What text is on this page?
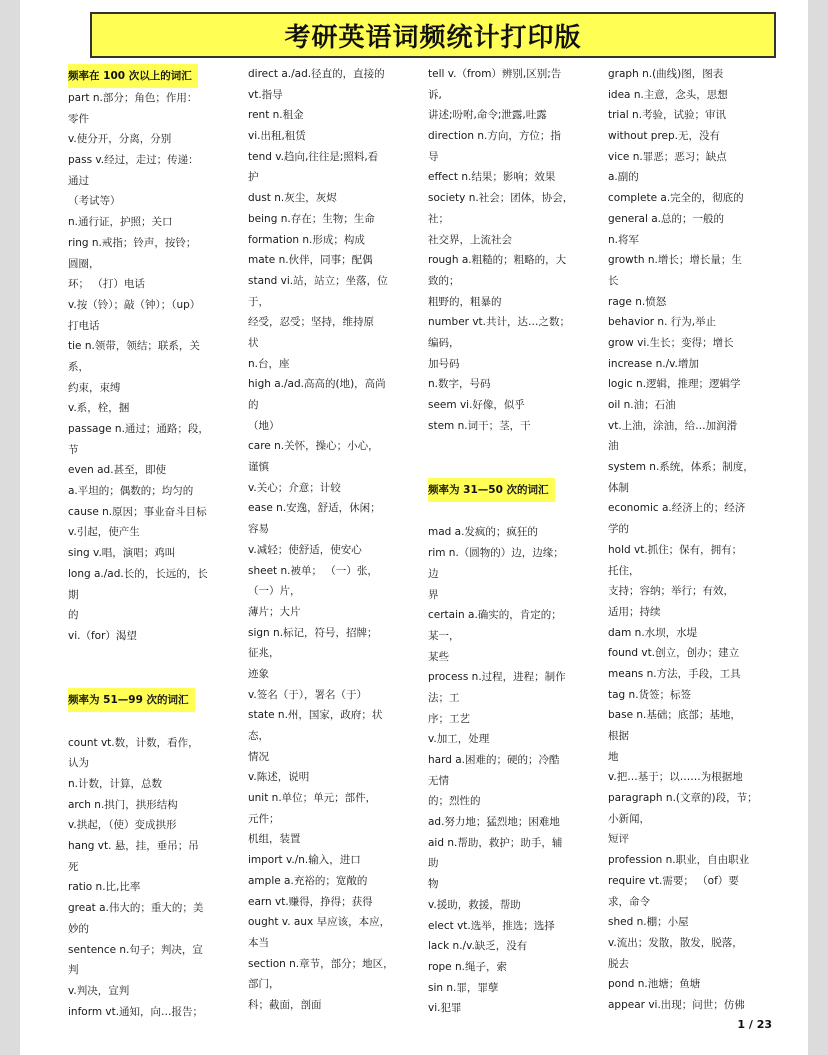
考研英语词频统计打印版
频率在 100 次以上的词汇
part n.部分；角色；作用：
零件
v.使分开，分离，分别
pass v.经过，走过；传递：
通过
（考试等）
n.通行证，护照；关口
ring n.戒指；铃声，按铃；
圆圈，
环； （打）电话
v.按（铃）；敲（钟）；（up）
打电话
tie n.领带，领结；联系，关
系，
约束，束缚
v.系，栓，捆
passage n.通过；通路；段，
节
even ad.甚至，即使
a.平坦的；偶数的；均匀的
cause n.原因；事业奋斗目标
v.引起，使产生
sing v.唱，演唱；鸡叫
long a./ad.长的，长远的，长
期
的
vi.（for）渴望
频率为 51—99 次的词汇
count vt.数，计数，看作，
认为
n.计数，计算，总数
arch n.拱门，拱形结构
v.拱起，（使）变成拱形
hang vt. 悬，挂，垂吊；吊
死
ratio n.比,比率
great a.伟大的；重大的；美
妙的
sentence n.句子；判决，宣
判
v.判决，宣判
inform vt.通知，向…报告；
direct a./ad.径直的，直接的
vt.指导
rent n.租金
vi.出租,租赁
tend v.趋向,往往是;照料,看
护
dust n.灰尘，灰烬
being n.存在；生物；生命
formation n.形成；构成
mate n.伙伴，同事；配偶
stand vi.站，站立；坐落，位
于，
经受，忍受；坚持，维持原
状
n.台，座
high a./ad.高高的(地)，高尚
的
（地）
care n.关怀，操心；小心，
谨慎
v.关心；介意；计较
ease n.安逸，舒适，休闲；
容易
v.减轻；使舒适，使安心
sheet n.被单； （一）张，
（一）片，
薄片；大片
sign n.标记，符号，招牌；
征兆，
迹象
v.签名（于），署名（于）
state n.州，国家，政府；状
态，
情况
v.陈述，说明
unit n.单位；单元；部件，
元件；
机组，装置
import v./n.输入，进口
ample a.充裕的；宽敞的
earn vt.赚得，挣得；获得
ought v. aux 早应该，本应，
本当
section n.章节，部分；地区，
部门，
科；截面，剖面
tell v.（from）辨别,区别;告
诉,
讲述;吩咐,命令;泄露,吐露
direction n.方向，方位；指
导
effect n.结果；影响；效果
society n.社会；团体，协会，
社；
社交界，上流社会
rough a.粗糙的；粗略的，大
致的；
粗野的，粗暴的
number vt.共计，达…之数；
编码，
加号码
n.数字，号码
seem vi.好像，似乎
stem n.词干；茎，干
频率为 31—50 次的词汇
mad a.发疯的；疯狂的
rim n.（圆物的）边，边缘；
边
界
certain a.确实的，肯定的；
某一，
某些
process n.过程，进程；制作
法；工
序；工艺
v.加工，处理
hard a.困难的；硬的；冷酷
无情
的；烈性的
ad.努力地；猛烈地；困难地
aid n.帮助，救护；助手，辅
助
物
v.援助，救援，帮助
elect vt.选举，推选；选择
lack n./v.缺乏，没有
rope n.绳子，索
sin n.罪，罪孽
vi.犯罪
graph n.(曲线)图，图表
idea n.主意，念头，思想
trial n.考验，试验；审讯
without prep.无，没有
vice n.罪恶；恶习；缺点
a.副的
complete a.完全的，彻底的
general a.总的；一般的
n.将军
growth n.增长；增长量；生
长
rage n.愤怒
behavior n. 行为,举止
grow vi.生长；变得；增长
increase n./v.增加
logic n.逻辑，推理；逻辑学
oil n.油；石油
vt.上油，涂油，给…加润滑
油
system n.系统，体系；制度，
体制
economic a.经济上的；经济
学的
hold vt.抓住；保有，拥有；
托住，
支持；容纳；举行；有效，
适用；持续
dam n.水坝，水堤
found vt.创立，创办；建立
means n.方法，手段，工具
tag n.货签；标签
base n.基础；底部；基地，
根据
地
v.把…基于；以……为根据地
paragraph n.(文章的)段，节；
小新闻，
短评
profession n.职业，自由职业
require vt.需要； （of）要
求，命令
shed n.棚；小屋
v.流出；发散，散发，脱落，
脱去
pond n.池塘；鱼塘
appear vi.出现；问世；仿佛
1 / 23
